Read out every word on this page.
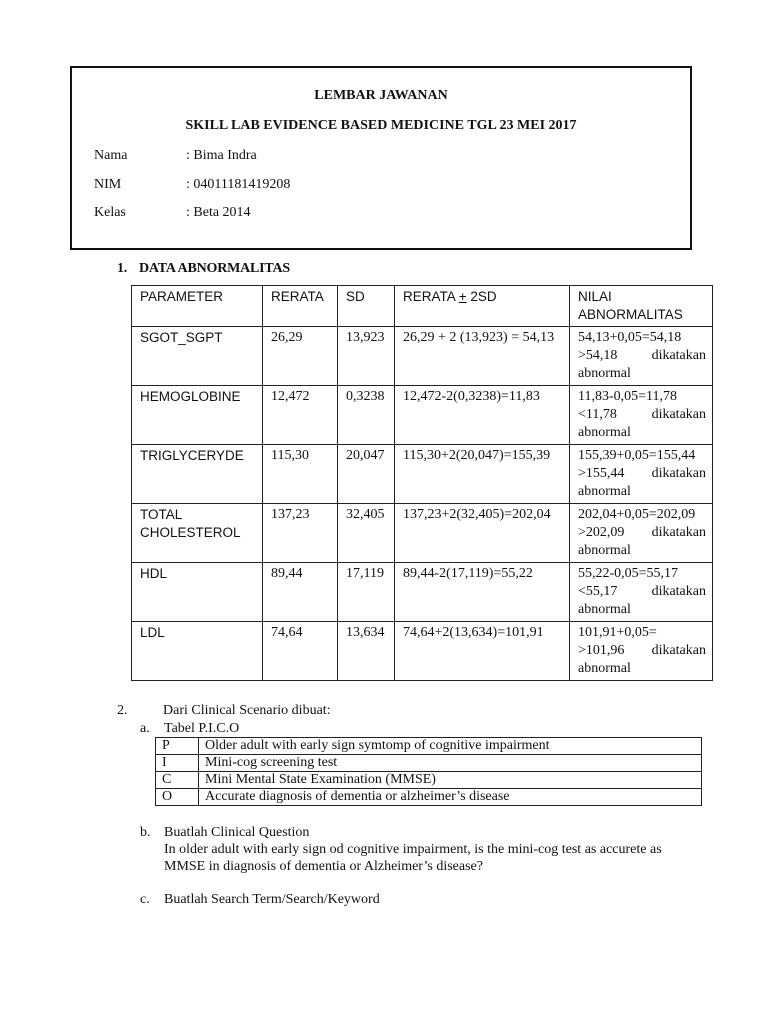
LEMBAR JAWANAN
SKILL LAB EVIDENCE BASED MEDICINE TGL 23 MEI 2017
Nama	: Bima Indra
NIM	: 04011181419208
Kelas	: Beta 2014
1. DATA ABNORMALITAS
PARAMETER	RERATA	SD	RERATA + 2SD	NILAI ABNORMALITAS
SGOT_SGPT	26,29	13,923	26,29 + 2 (13,923) = 54,13	54,13+0,05=54,18
>54,18 dikatakan abnormal

HEMOGLOBINE	12,472	0,3238	12,472-2(0,3238)=11,83	11,83-0,05=11,78
<11,78 dikatakan abnormal

TRIGLYCERYDE	115,30	20,047	115,30+2(20,047)=155,39	155,39+0,05=155,44
>155,44 dikatakan abnormal

TOTAL CHOLESTEROL	137,23	32,405	137,23+2(32,405)=202,04	202,04+0,05=202,09
>202,09 dikatakan abnormal

HDL	89,44	17,119	89,44-2(17,119)=55,22	55,22-0,05=55,17
<55,17 dikatakan abnormal

LDL	74,64	13,634	74,64+2(13,634)=101,91	101,91+0,05=
>101,96 dikatakan abnormal
2.	Dari Clinical Scenario dibuat:
a. Tabel P.I.C.O
P	Older adult with early sign symtomp of cognitive impairment
I	Mini-cog screening test
C	Mini Mental State Examination (MMSE)
O	Accurate diagnosis of dementia or alzheimer’s disease
b. Buatlah Clinical Question
In older adult with early sign od cognitive impairment, is the mini-cog test as accurete as MMSE in diagnosis of dementia or Alzheimer’s disease?
c. Buatlah Search Term/Search/Keyword
